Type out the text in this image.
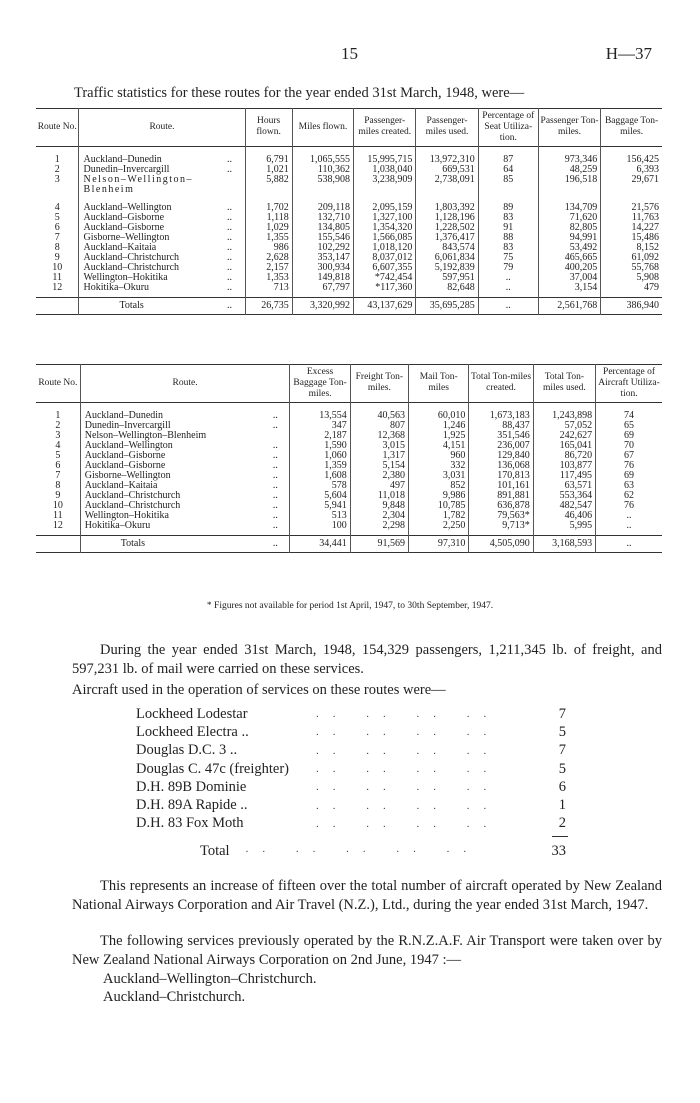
15	H—37
Traffic statistics for these routes for the year ended 31st March, 1948, were—
Route No.	Route.		Hours flown.	Miles flown.	Passenger-miles created.	Passenger-miles used.	Percentage of Seat Utiliza-tion.	Passenger Ton-miles.	Baggage Ton-miles.

1	Auckland–Dunedin	..	6,791	1,065,555	15,995,715	13,972,310	87	973,346	156,425
2	Dunedin–Invercargill	..	1,021	110,362	1,038,040	669,531	64	48,259	6,393
3	Nelson–Wellington–Blenheim		5,882	538,908	3,238,909	2,738,091	85	196,518	29,671

4	Auckland–Wellington	..	1,702	209,118	2,095,159	1,803,392	89	134,709	21,576
5	Auckland–Gisborne	..	1,118	132,710	1,327,100	1,128,196	83	71,620	11,763
6	Auckland–Gisborne	..	1,029	134,805	1,354,320	1,228,502	91	82,805	14,227
7	Gisborne–Wellington	..	1,355	155,546	1,566,085	1,376,417	88	94,991	15,486
8	Auckland–Kaitaia	..	986	102,292	1,018,120	843,574	83	53,492	8,152
9	Auckland–Christchurch	..	2,628	353,147	8,037,012	6,061,834	75	465,665	61,092
10	Auckland–Christchurch	..	2,157	300,934	6,607,355	5,192,839	79	400,205	55,768
11	Wellington–Hokitika	..	1,353	149,818	*742,454	597,951	..	37,004	5,908
12	Hokitika–Okuru	..	713	67,797	*117,360	82,648	..	3,154	479
	Totals	..	26,735	3,320,992	43,137,629	35,695,285	..	2,561,768	386,940
Route No.	Route.		Excess Baggage Ton-miles.	Freight Ton-miles.	Mail Ton-miles	Total Ton-miles created.	Total Ton-miles used.	Percentage of Aircraft Utiliza-tion.

1	Auckland–Dunedin	..	13,554	40,563	60,010	1,673,183	1,243,898	74
2	Dunedin–Invercargill	..	347	807	1,246	88,437	57,052	65
3	Nelson–Wellington–Blenheim		2,187	12,368	1,925	351,546	242,627	69
4	Auckland–Wellington	..	1,590	3,015	4,151	236,007	165,041	70
5	Auckland–Gisborne	..	1,060	1,317	960	129,840	86,720	67
6	Auckland–Gisborne	..	1,359	5,154	332	136,068	103,877	76
7	Gisborne–Wellington	..	1,608	2,380	3,031	170,813	117,495	69
8	Auckland–Kaitaia	..	578	497	852	101,161	63,571	63
9	Auckland–Christchurch	..	5,604	11,018	9,986	891,881	553,364	62
10	Auckland–Christchurch	..	5,941	9,848	10,785	636,878	482,547	76
11	Wellington–Hokitika	..	513	2,304	1,782	79,563*	46,406	..
12	Hokitika–Okuru	..	100	2,298	2,250	9,713*	5,995	..
	Totals	..	34,441	91,569	97,310	4,505,090	3,168,593	..
* Figures not available for period 1st April, 1947, to 30th September, 1947.
During the year ended 31st March, 1948, 154,329 passengers, 1,211,345 lb. of freight, and 597,231 lb. of mail were carried on these services.
Aircraft used in the operation of services on these routes were—
Lockheed Lodestar	.. .. .. ..	7
Lockheed Electra ..	.. .. .. ..	5
Douglas D.C. 3 ..	.. .. .. ..	7
Douglas C. 47c (freighter)	.. .. .. ..	5
D.H. 89B Dominie	.. .. .. ..	6
D.H. 89A Rapide ..	.. .. .. ..	1
D.H. 83 Fox Moth	.. .. .. ..	2
Total	.. .. .. .. ..	33
This represents an increase of fifteen over the total number of aircraft operated by New Zealand National Airways Corporation and Air Travel (N.Z.), Ltd., during the year ended 31st March, 1947.
The following services previously operated by the R.N.Z.A.F. Air Transport were taken over by New Zealand National Airways Corporation on 2nd June, 1947 :—
Auckland–Wellington–Christchurch.
Auckland–Christchurch.
